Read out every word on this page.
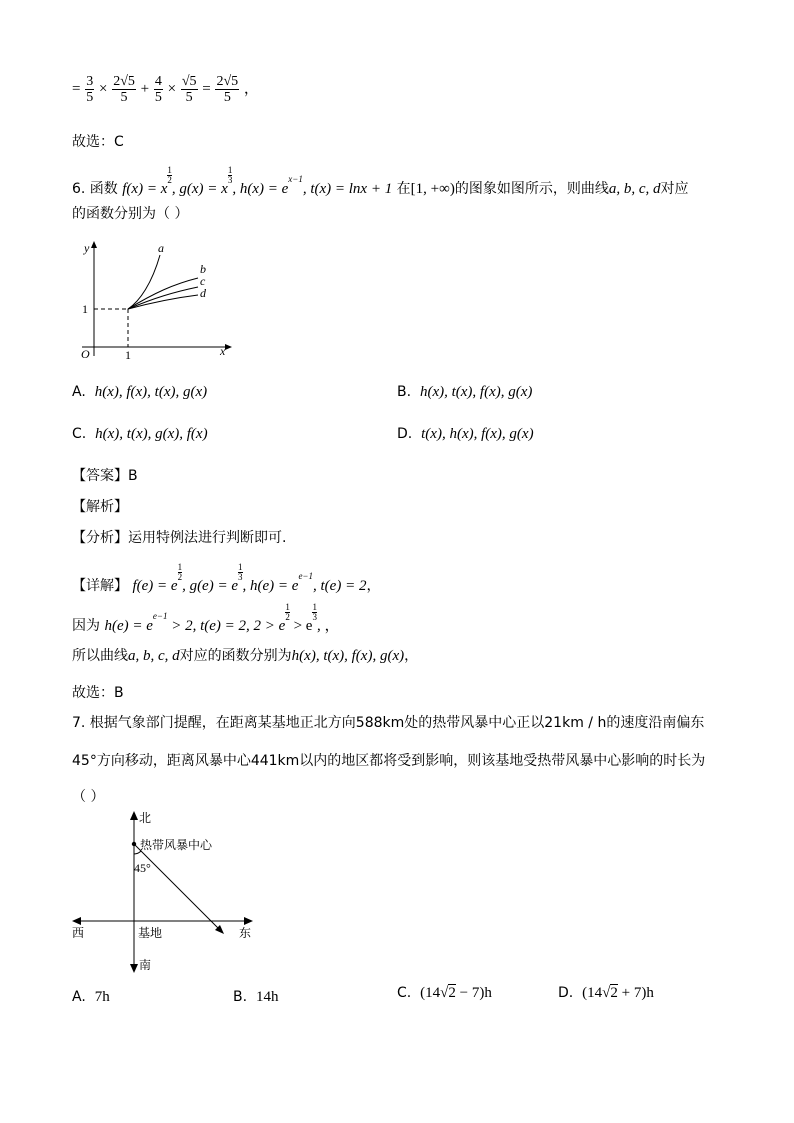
= $\frac{3}{5} \times \frac{2√5}{5} + \frac{4}{5} \times \frac{√5}{5} = \frac{2√5}{5}$ ，
故选：C
6. 函数 f(x) = x
$\frac{1}{2}$, g(x) = x
$\frac{1}{3}$, $h(x) = e^{x-1}$, t(x) = lnx + 1 在[1, +∞)的图象如图所示，则曲线a, b, c, d对应
的函数分别为（ ）
y
x
O	1
1
a
b
c
d
A. h(x), f(x), t(x), g(x)	B. h(x), t(x), f(x), g(x)
C. h(x), t(x), g(x), f(x)	D. t(x), h(x), f(x), g(x)
【答案】B
【解析】
【分析】运用特例法进行判断即可.
【详解】 f(e) = e
$\frac{1}{2}$, g(e) = e
$\frac{1}{3}$, $h(e) = e^{e-1}$, t(e) = 2，
因为 $h(e) = e^{e-1} > 2$, t(e) = 2, 2 > e
$\frac{1}{2} > e$
$\frac{1}{3}$, ，
所以曲线a, b, c, d对应的函数分别为h(x), t(x), f(x), g(x)，
故选：B
7. 根据气象部门提醒，在距离某基地正北方向588km处的热带风暴中心正以21km / h的速度沿南偏东
45°方向移动，距离风暴中心441km以内的地区都将受到影响，则该基地受热带风暴中心影响的时长为
（ ）
北
南
西	东
基地
热带风暴中心
45°
A. 7h	B. 14h	C. (14√2 − 7)h	D. (14√2 + 7)h
